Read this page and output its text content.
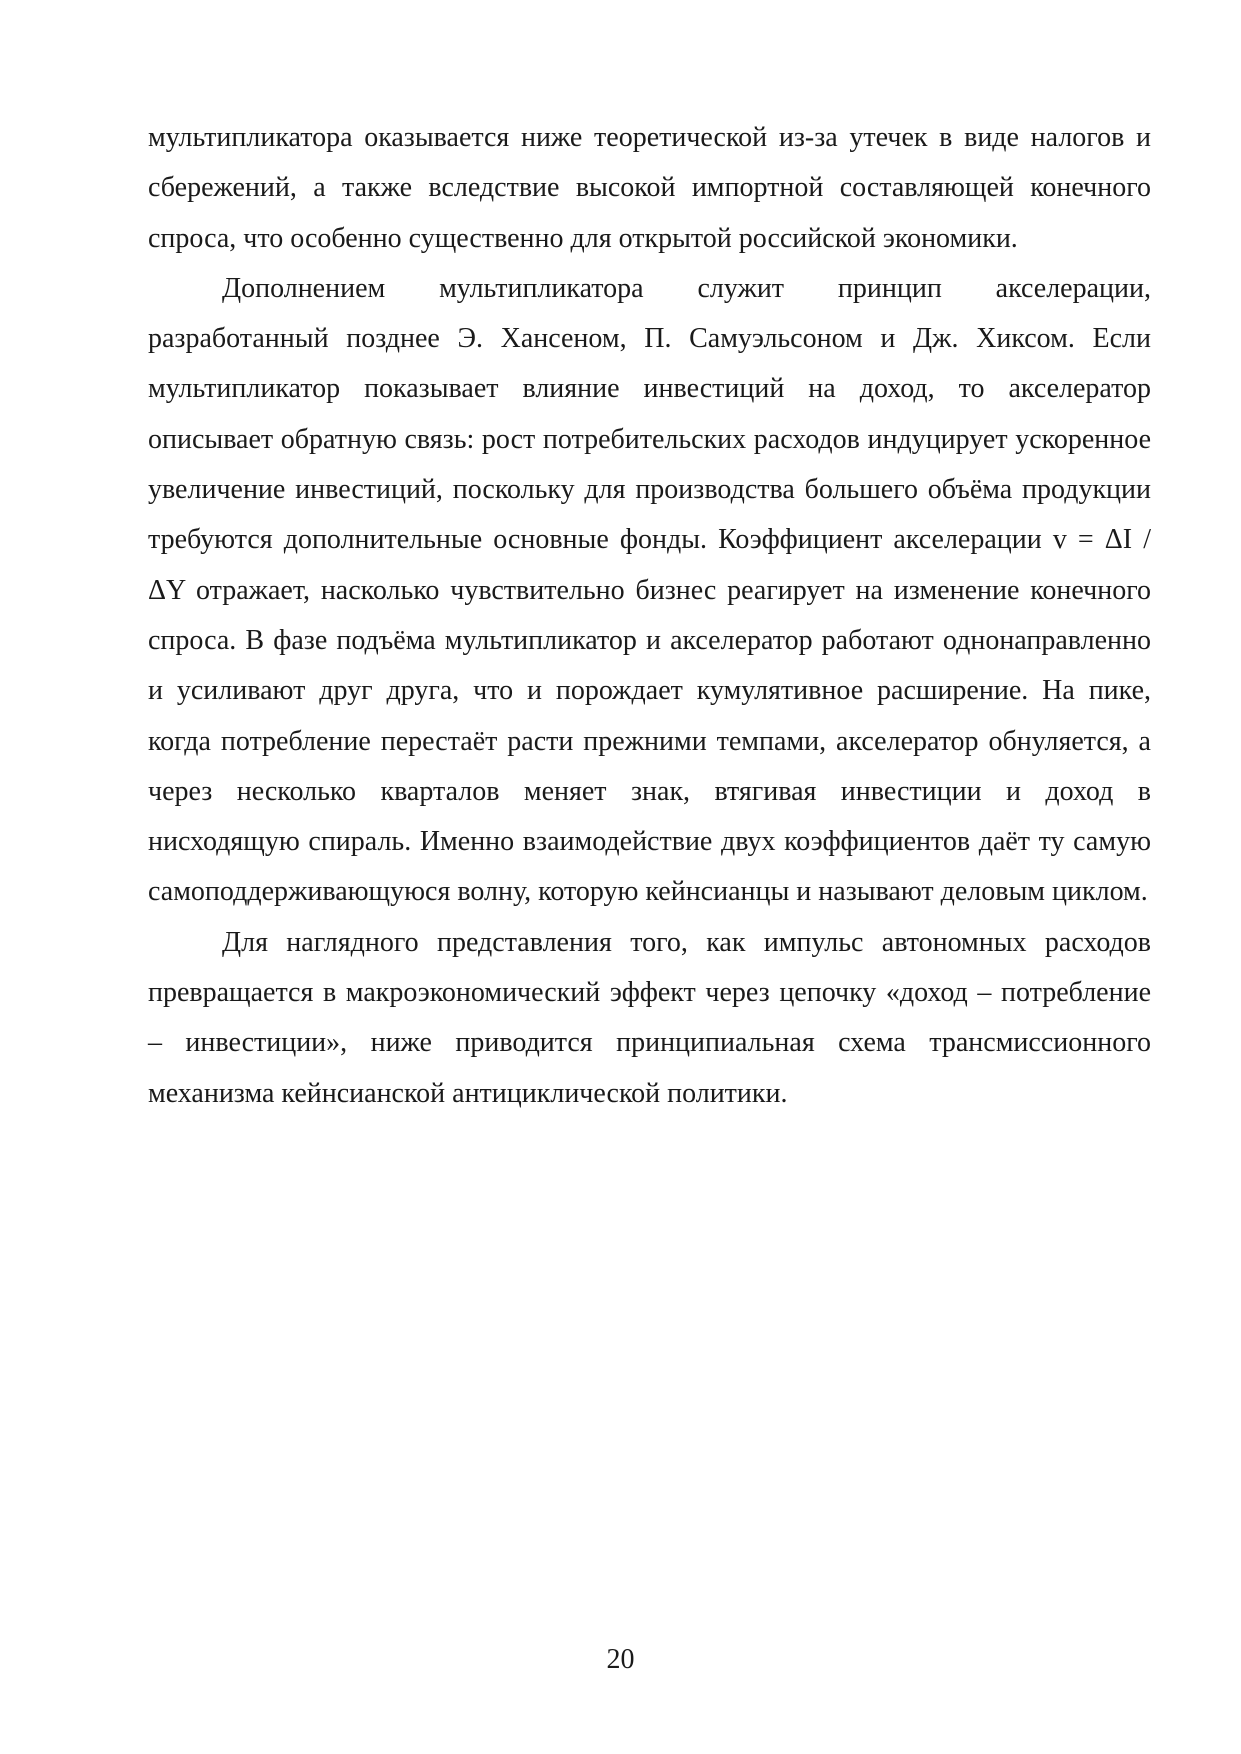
мультипликатора оказывается ниже теоретической из-за утечек в виде налогов и сбережений, а также вследствие высокой импортной составляющей конечного спроса, что особенно существенно для открытой российской экономики.

Дополнением мультипликатора служит принцип акселерации, разработанный позднее Э. Хансеном, П. Самуэльсоном и Дж. Хиксом. Если мультипликатор показывает влияние инвестиций на доход, то акселератор описывает обратную связь: рост потребительских расходов индуцирует ускоренное увеличение инвестиций, поскольку для производства большего объёма продукции требуются дополнительные основные фонды. Коэффициент акселерации v = ΔI / ΔY отражает, насколько чувствительно бизнес реагирует на изменение конечного спроса. В фазе подъёма мультипликатор и акселератор работают однонаправленно и усиливают друг друга, что и порождает кумулятивное расширение. На пике, когда потребление перестаёт расти прежними темпами, акселератор обнуляется, а через несколько кварталов меняет знак, втягивая инвестиции и доход в нисходящую спираль. Именно взаимодействие двух коэффициентов даёт ту самую самоподдерживающуюся волну, которую кейнсианцы и называют деловым циклом.

Для наглядного представления того, как импульс автономных расходов превращается в макроэкономический эффект через цепочку «доход – потребление – инвестиции», ниже приводится принципиальная схема трансмиссионного механизма кейнсианской антициклической политики.

20
